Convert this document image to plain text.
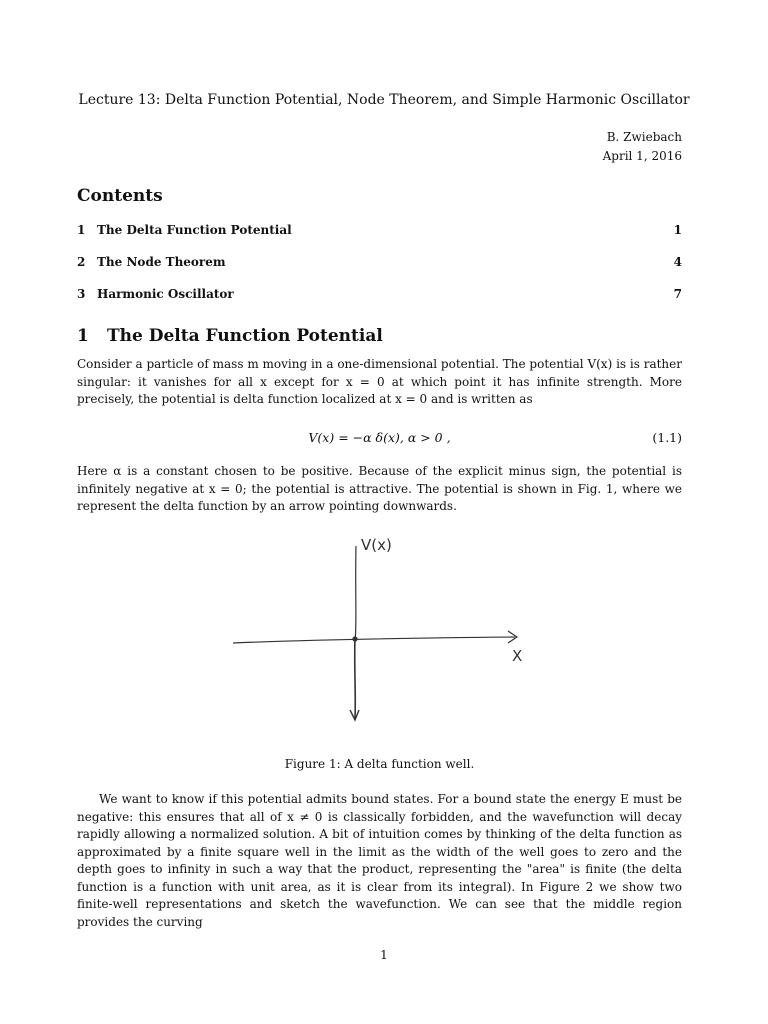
Lecture 13: Delta Function Potential, Node Theorem, and Simple Harmonic Oscillator
B. Zwiebach
April 1, 2016
Contents
1 The Delta Function Potential	1
2 The Node Theorem	4
3 Harmonic Oscillator	7
1	The Delta Function Potential
Consider a particle of mass m moving in a one-dimensional potential. The potential V(x) is is rather singular: it vanishes for all x except for x = 0 at which point it has infinite strength. More precisely, the potential is delta function localized at x = 0 and is written as
V(x) = −α δ(x), α > 0 ,	(1.1)
Here α is a constant chosen to be positive. Because of the explicit minus sign, the potential is infinitely negative at x = 0; the potential is attractive. The potential is shown in Fig. 1, where we represent the delta function by an arrow pointing downwards.
V(x)
X
Figure 1: A delta function well.
We want to know if this potential admits bound states. For a bound state the energy E must be negative: this ensures that all of x ≠ 0 is classically forbidden, and the wavefunction will decay rapidly allowing a normalized solution. A bit of intuition comes by thinking of the delta function as approximated by a finite square well in the limit as the width of the well goes to zero and the depth goes to infinity in such a way that the product, representing the "area" is finite (the delta function is a function with unit area, as it is clear from its integral). In Figure 2 we show two finite-well representations and sketch the wavefunction. We can see that the middle region provides the curving
1
